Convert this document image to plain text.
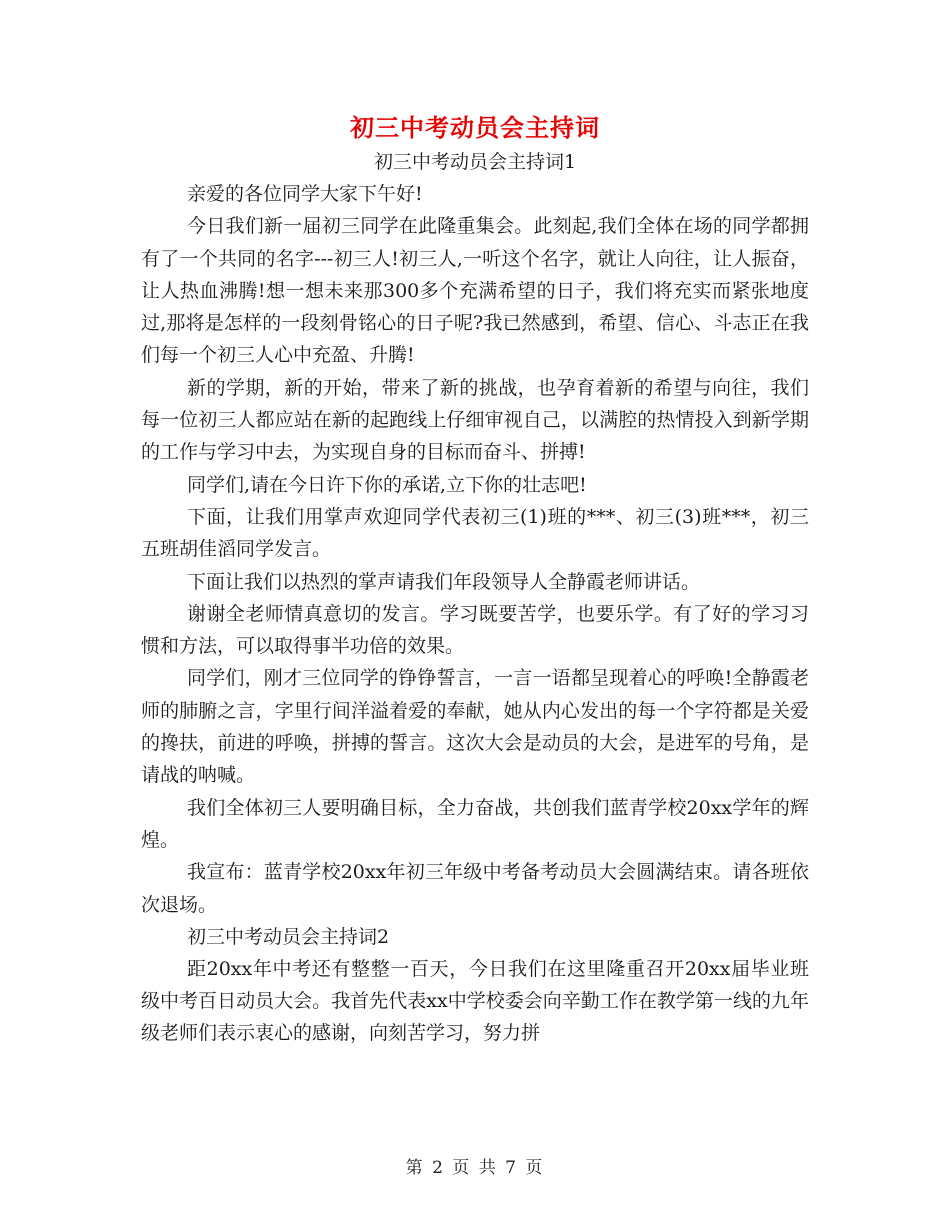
初三中考动员会主持词

初三中考动员会主持词1

亲爱的各位同学大家下午好!

今日我们新一届初三同学在此隆重集会。此刻起,我们全体在场的同学都拥有了一个共同的名字---初三人!初三人,一听这个名字，就让人向往，让人振奋，让人热血沸腾!想一想未来那300多个充满希望的日子，我们将充实而紧张地度过,那将是怎样的一段刻骨铭心的日子呢?我已然感到，希望、信心、斗志正在我们每一个初三人心中充盈、升腾!

新的学期，新的开始，带来了新的挑战，也孕育着新的希望与向往，我们每一位初三人都应站在新的起跑线上仔细审视自己，以满腔的热情投入到新学期的工作与学习中去，为实现自身的目标而奋斗、拼搏!

同学们,请在今日许下你的承诺,立下你的壮志吧!

下面，让我们用掌声欢迎同学代表初三(1)班的***、初三(3)班***，初三五班胡佳滔同学发言。

下面让我们以热烈的掌声请我们年段领导人全静霞老师讲话。

谢谢全老师情真意切的发言。学习既要苦学，也要乐学。有了好的学习习惯和方法，可以取得事半功倍的效果。

同学们，刚才三位同学的铮铮誓言，一言一语都呈现着心的呼唤!全静霞老师的肺腑之言，字里行间洋溢着爱的奉献，她从内心发出的每一个字符都是关爱的搀扶，前进的呼唤，拼搏的誓言。这次大会是动员的大会，是进军的号角，是请战的呐喊。

我们全体初三人要明确目标，全力奋战，共创我们蓝青学校20xx学年的辉煌。

我宣布：蓝青学校20xx年初三年级中考备考动员大会圆满结束。请各班依次退场。

初三中考动员会主持词2

距20xx年中考还有整整一百天，今日我们在这里隆重召开20xx届毕业班级中考百日动员大会。我首先代表xx中学校委会向辛勤工作在教学第一线的九年级老师们表示衷心的感谢，向刻苦学习，努力拼

第 2 页 共 7 页
